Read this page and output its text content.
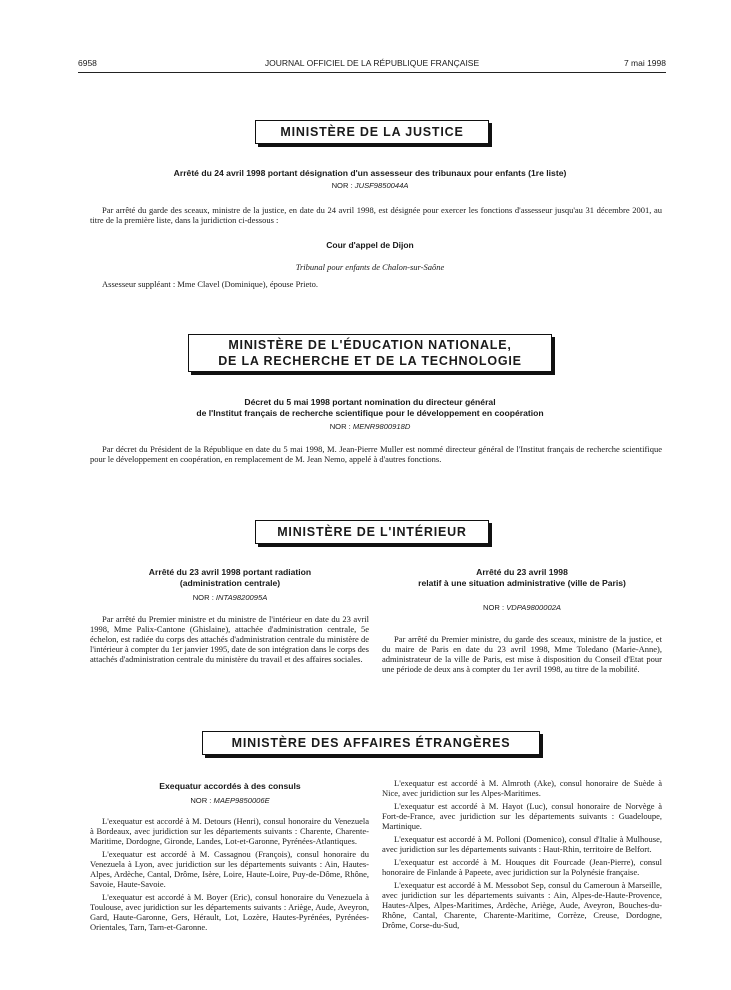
6958	JOURNAL OFFICIEL DE LA RÉPUBLIQUE FRANÇAISE	7 mai 1998
MINISTÈRE DE LA JUSTICE
Arrêté du 24 avril 1998 portant désignation d'un assesseur des tribunaux pour enfants (1re liste)
NOR : JUSF9850044A

Par arrêté du garde des sceaux, ministre de la justice, en date du 24 avril 1998, est désignée pour exercer les fonctions d'assesseur jusqu'au 31 décembre 2001, au titre de la première liste, dans la juridiction ci-dessous :

Cour d'appel de Dijon
Tribunal pour enfants de Chalon-sur-Saône

Assesseur suppléant : Mme Clavel (Dominique), épouse Prieto.

MINISTÈRE DE L'ÉDUCATION NATIONALE,
DE LA RECHERCHE ET DE LA TECHNOLOGIE
Décret du 5 mai 1998 portant nomination du directeur général
de l'Institut français de recherche scientifique pour le développement en coopération
NOR : MENR9800918D

Par décret du Président de la République en date du 5 mai 1998, M. Jean-Pierre Muller est nommé directeur général de l'Institut français de recherche scientifique pour le développement en coopération, en remplacement de M. Jean Nemo, appelé à d'autres fonctions.

MINISTÈRE DE L'INTÉRIEUR
Arrêté du 23 avril 1998 portant radiation
(administration centrale)
NOR : INTA9820095A

Par arrêté du Premier ministre et du ministre de l'intérieur en date du 23 avril 1998, Mme Palix-Cantone (Ghislaine), attachée d'administration centrale, 5e échelon, est radiée du corps des attachés d'administration centrale du ministère de l'intérieur à compter du 1er janvier 1995, date de son intégration dans le corps des attachés d'administration centrale du ministère du travail et des affaires sociales.

Arrêté du 23 avril 1998
relatif à une situation administrative (ville de Paris)
NOR : VDPA9800002A

Par arrêté du Premier ministre, du garde des sceaux, ministre de la justice, et du maire de Paris en date du 23 avril 1998, Mme Toledano (Marie-Anne), administrateur de la ville de Paris, est mise à disposition du Conseil d'Etat pour une période de deux ans à compter du 1er avril 1998, au titre de la mobilité.

MINISTÈRE DES AFFAIRES ÉTRANGÈRES
Exequatur accordés à des consuls
NOR : MAEP9850006E

L'exequatur est accordé à M. Detours (Henri), consul honoraire du Venezuela à Bordeaux, avec juridiction sur les départements suivants : Charente, Charente-Maritime, Dordogne, Gironde, Landes, Lot-et-Garonne, Pyrénées-Atlantiques.

L'exequatur est accordé à M. Cassagnou (François), consul honoraire du Venezuela à Lyon, avec juridiction sur les départements suivants : Ain, Hautes-Alpes, Ardèche, Cantal, Drôme, Isère, Loire, Haute-Loire, Puy-de-Dôme, Rhône, Savoie, Haute-Savoie.

L'exequatur est accordé à M. Boyer (Eric), consul honoraire du Venezuela à Toulouse, avec juridiction sur les départements suivants : Ariège, Aude, Aveyron, Gard, Haute-Garonne, Gers, Hérault, Lot, Lozère, Hautes-Pyrénées, Pyrénées-Orientales, Tarn, Tarn-et-Garonne.

L'exequatur est accordé à M. Almroth (Ake), consul honoraire de Suède à Nice, avec juridiction sur les Alpes-Maritimes.

L'exequatur est accordé à M. Hayot (Luc), consul honoraire de Norvège à Fort-de-France, avec juridiction sur les départements suivants : Guadeloupe, Martinique.

L'exequatur est accordé à M. Polloni (Domenico), consul d'Italie à Mulhouse, avec juridiction sur les départements suivants : Haut-Rhin, territoire de Belfort.

L'exequatur est accordé à M. Houques dit Fourcade (Jean-Pierre), consul honoraire de Finlande à Papeete, avec juridiction sur la Polynésie française.

L'exequatur est accordé à M. Messobot Sep, consul du Cameroun à Marseille, avec juridiction sur les départements suivants : Ain, Alpes-de-Haute-Provence, Hautes-Alpes, Alpes-Maritimes, Ardèche, Ariège, Aude, Aveyron, Bouches-du-Rhône, Cantal, Charente, Charente-Maritime, Corrèze, Creuse, Dordogne, Drôme, Corse-du-Sud,
